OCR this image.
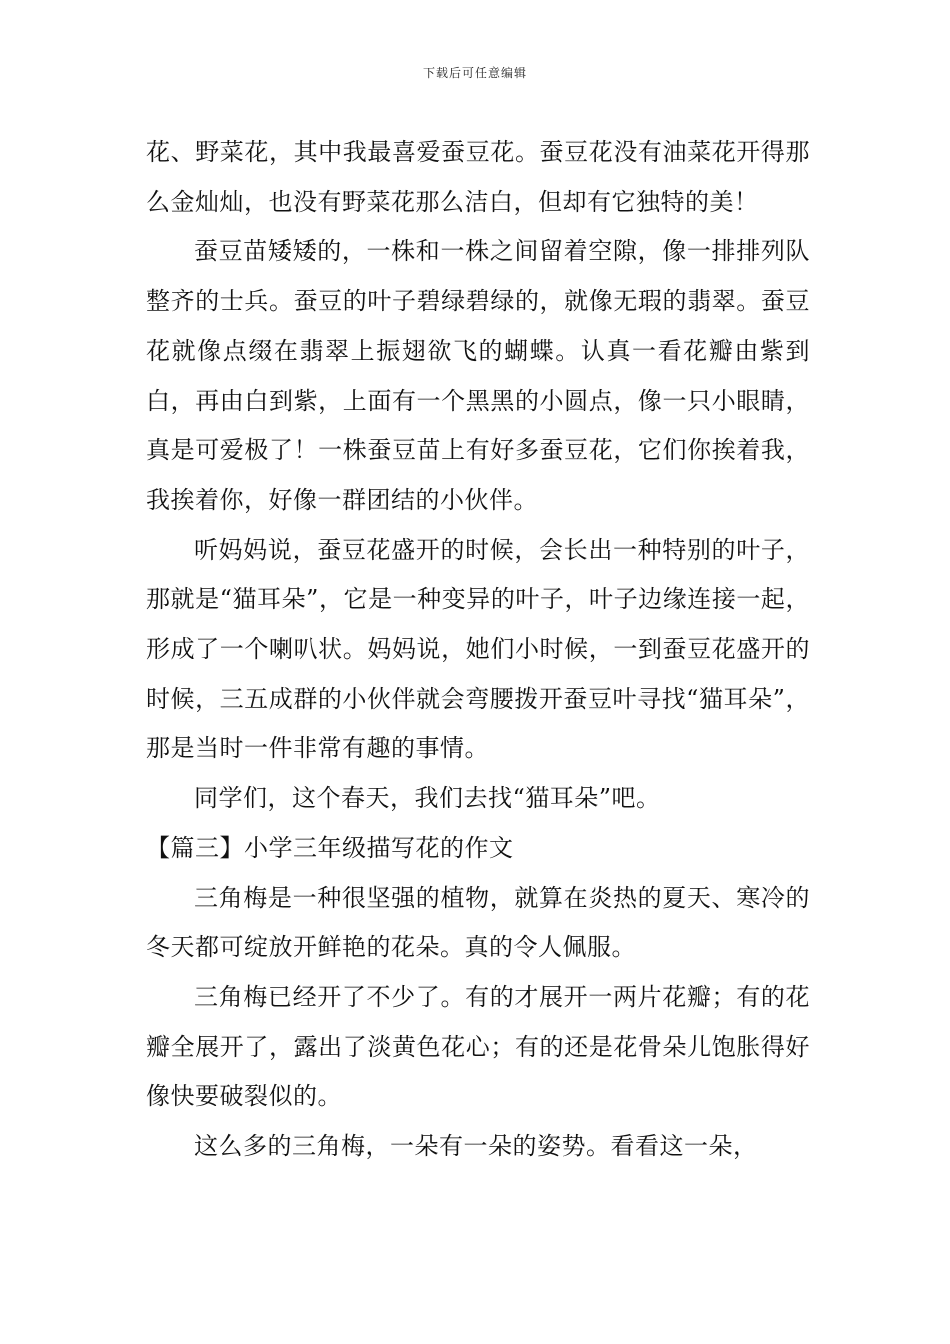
下载后可任意编辑

花、野菜花，其中我最喜爱蚕豆花。蚕豆花没有油菜花开得那么金灿灿，也没有野菜花那么洁白，但却有它独特的美！

蚕豆苗矮矮的，一株和一株之间留着空隙，像一排排列队整齐的士兵。蚕豆的叶子碧绿碧绿的，就像无瑕的翡翠。蚕豆花就像点缀在翡翠上振翅欲飞的蝴蝶。认真一看花瓣由紫到白，再由白到紫，上面有一个黑黑的小圆点，像一只小眼睛，真是可爱极了！一株蚕豆苗上有好多蚕豆花，它们你挨着我，我挨着你，好像一群团结的小伙伴。

听妈妈说，蚕豆花盛开的时候，会长出一种特别的叶子，那就是“猫耳朵”，它是一种变异的叶子，叶子边缘连接一起，形成了一个喇叭状。妈妈说，她们小时候，一到蚕豆花盛开的时候，三五成群的小伙伴就会弯腰拨开蚕豆叶寻找“猫耳朵”，那是当时一件非常有趣的事情。

同学们，这个春天，我们去找“猫耳朵”吧。

【篇三】小学三年级描写花的作文

三角梅是一种很坚强的植物，就算在炎热的夏天、寒冷的冬天都可绽放开鲜艳的花朵。真的令人佩服。

三角梅已经开了不少了。有的才展开一两片花瓣；有的花瓣全展开了，露出了淡黄色花心；有的还是花骨朵儿饱胀得好像快要破裂似的。

这么多的三角梅，一朵有一朵的姿势。看看这一朵，
